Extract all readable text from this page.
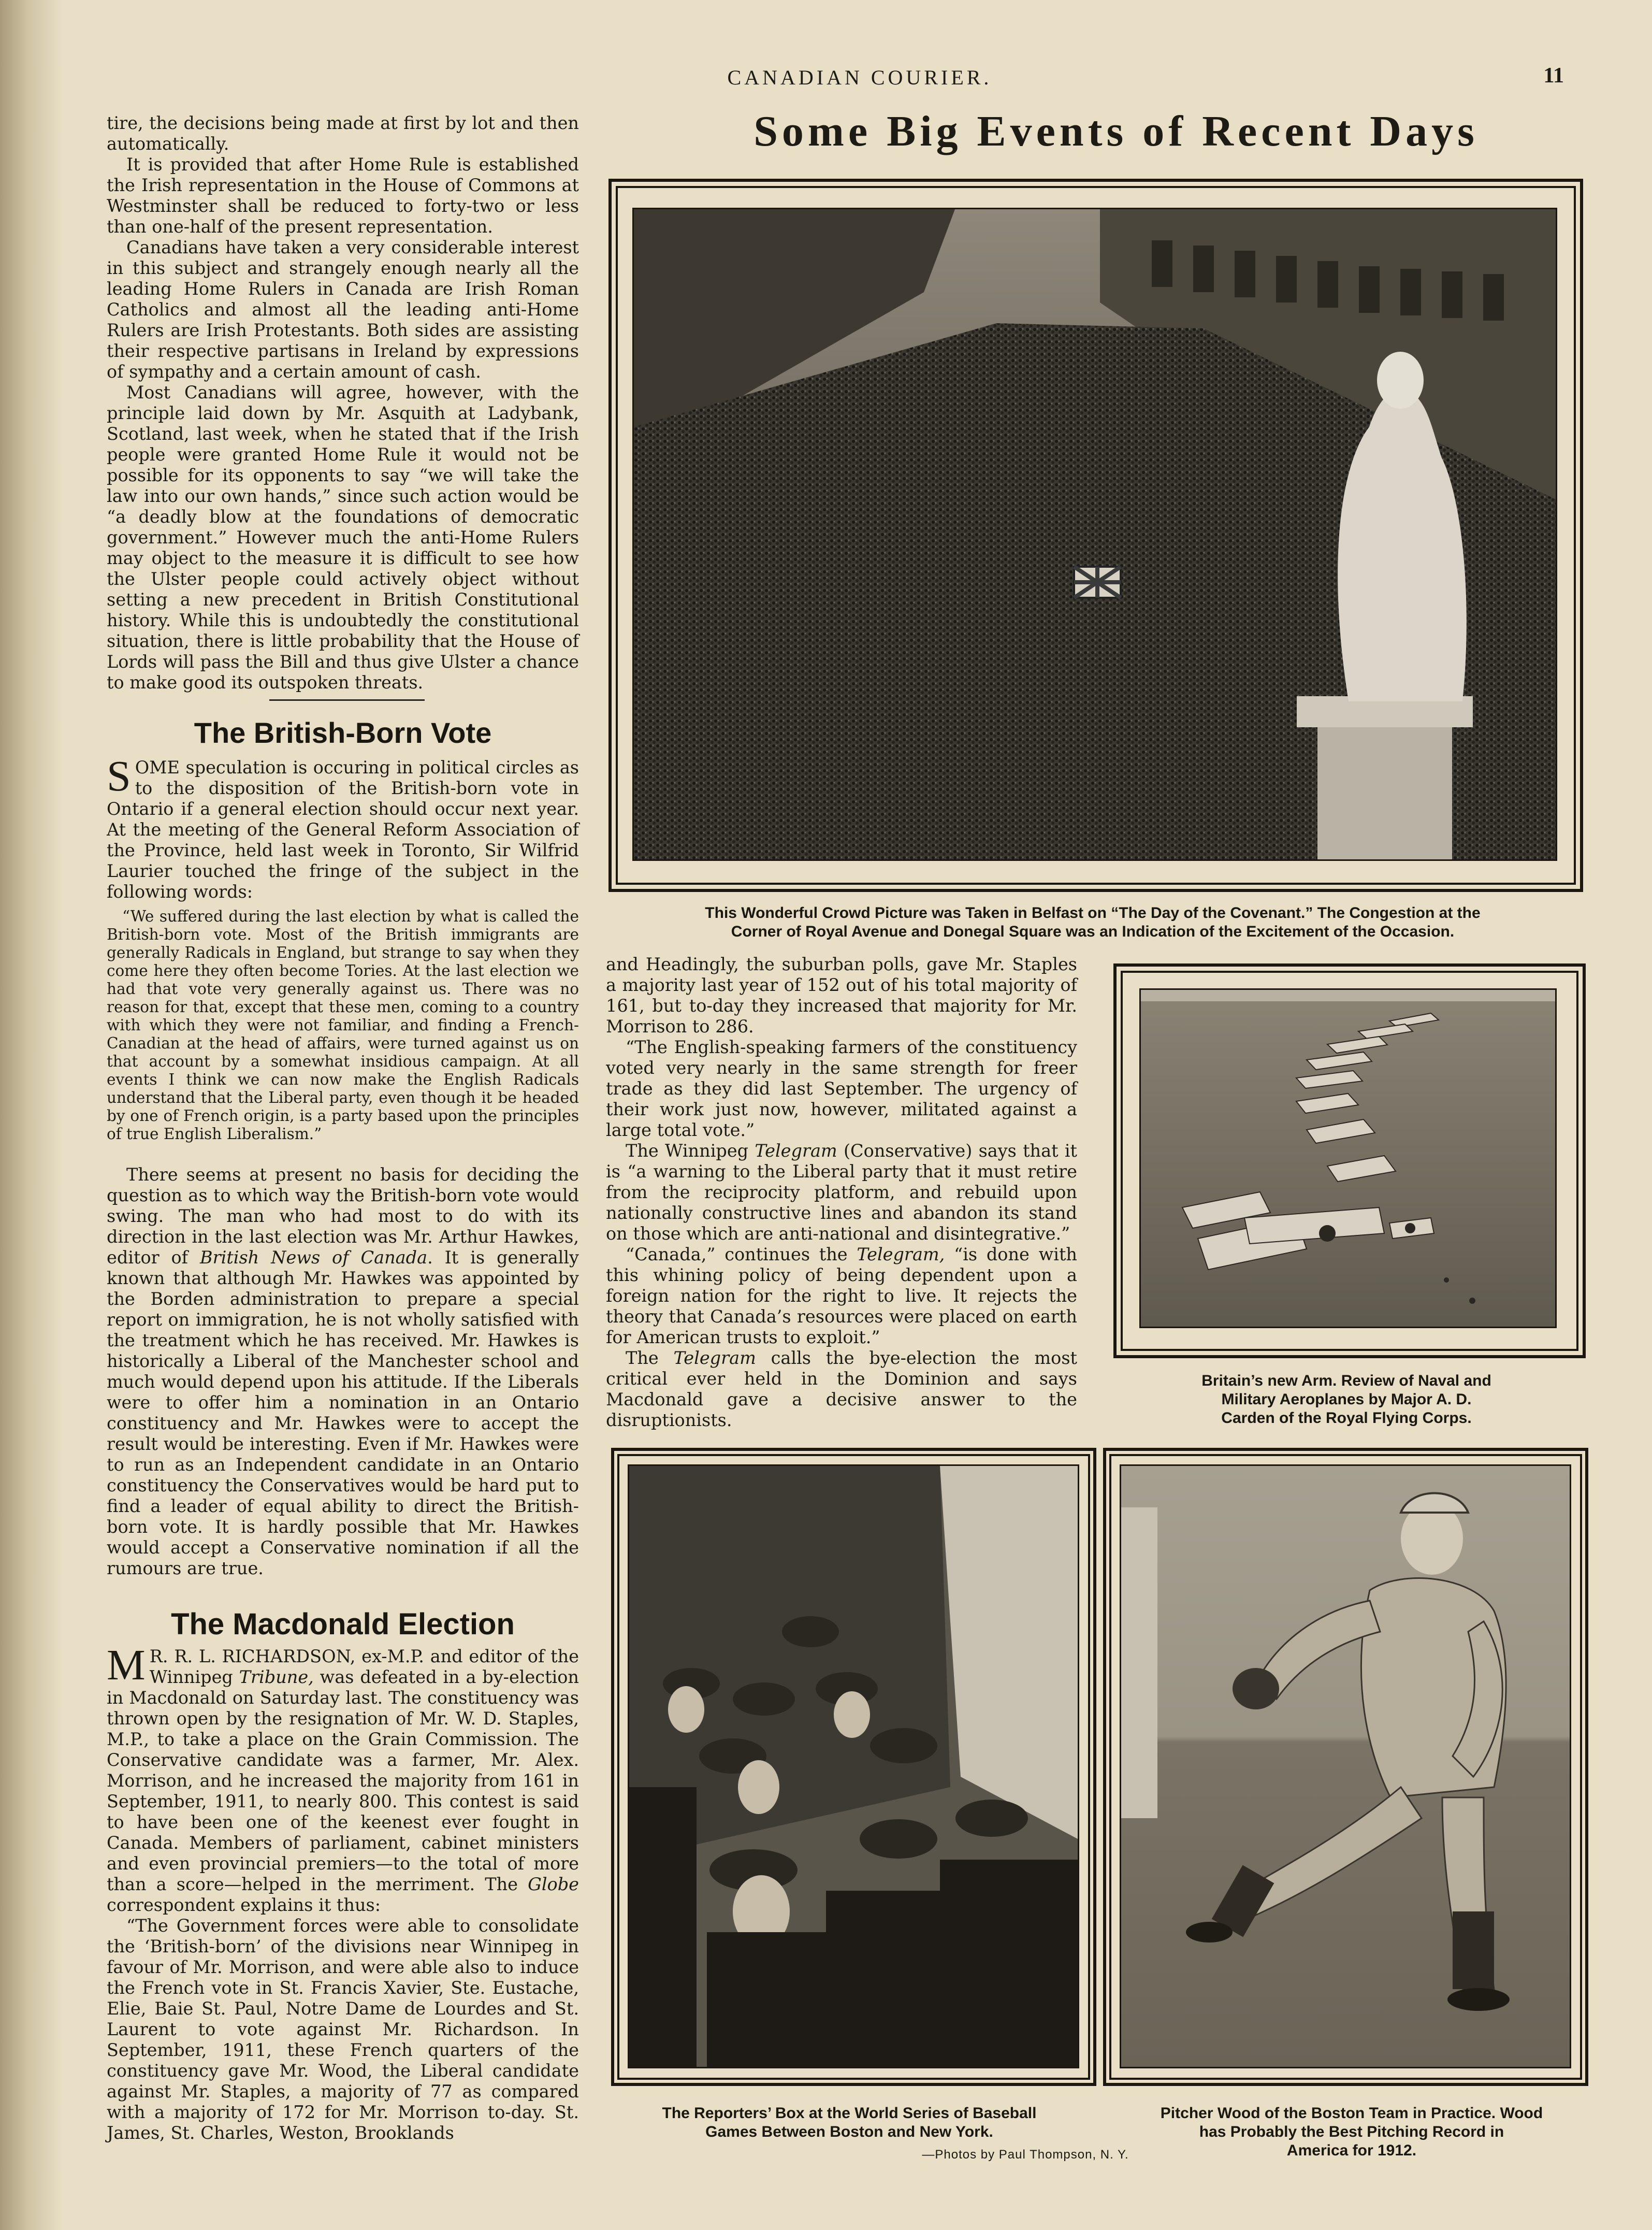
CANADIAN COURIER.	11
Some Big Events of Recent Days

tire, the decisions being made at first by lot and then automatically.

It is provided that after Home Rule is established the Irish representation in the House of Commons at Westminster shall be reduced to forty-two or less than one-half of the present representation.

Canadians have taken a very considerable interest in this subject and strangely enough nearly all the leading Home Rulers in Canada are Irish Roman Catholics and almost all the leading anti-Home Rulers are Irish Protestants. Both sides are assisting their respective partisans in Ireland by expressions of sympathy and a certain amount of cash.

Most Canadians will agree, however, with the principle laid down by Mr. Asquith at Ladybank, Scotland, last week, when he stated that if the Irish people were granted Home Rule it would not be possible for its opponents to say “we will take the law into our own hands,” since such action would be “a deadly blow at the foundations of democratic government.” However much the anti-Home Rulers may object to the measure it is difficult to see how the Ulster people could actively object without setting a new precedent in British Constitutional history. While this is undoubtedly the constitutional situation, there is little probability that the House of Lords will pass the Bill and thus give Ulster a chance to make good its outspoken threats.

The British-Born Vote

SOME speculation is occuring in political circles as to the disposition of the British-born vote in Ontario if a general election should occur next year. At the meeting of the General Reform Association of the Province, held last week in Toronto, Sir Wilfrid Laurier touched the fringe of the subject in the following words:

“We suffered during the last election by what is called the British-born vote. Most of the British immigrants are generally Radicals in England, but strange to say when they come here they often become Tories. At the last election we had that vote very generally against us. There was no reason for that, except that these men, coming to a country with which they were not familiar, and finding a French-Canadian at the head of affairs, were turned against us on that account by a somewhat insidious campaign. At all events I think we can now make the English Radicals understand that the Liberal party, even though it be headed by one of French origin, is a party based upon the principles of true English Liberalism.”

There seems at present no basis for deciding the question as to which way the British-born vote would swing. The man who had most to do with its direction in the last election was Mr. Arthur Hawkes, editor of British News of Canada. It is generally known that although Mr. Hawkes was appointed by the Borden administration to prepare a special report on immigration, he is not wholly satisfied with the treatment which he has received. Mr. Hawkes is historically a Liberal of the Manchester school and much would depend upon his attitude. If the Liberals were to offer him a nomination in an Ontario constituency and Mr. Hawkes were to accept the result would be interesting. Even if Mr. Hawkes were to run as an Independent candidate in an Ontario constituency the Conservatives would be hard put to find a leader of equal ability to direct the British-born vote. It is hardly possible that Mr. Hawkes would accept a Conservative nomination if all the rumours are true.

The Macdonald Election

M R. R. L. RICHARDSON, ex-M.P. and editor of the Winnipeg Tribune, was defeated in a by-election in Macdonald on Saturday last. The constituency was thrown open by the resignation of Mr. W. D. Staples, M.P., to take a place on the Grain Commission. The Conservative candidate was a farmer, Mr. Alex. Morrison, and he increased the majority from 161 in September, 1911, to nearly 800. This contest is said to have been one of the keenest ever fought in Canada. Members of parliament, cabinet ministers and even provincial premiers—to the total of more than a score—helped in the merriment. The Globe correspondent explains it thus:

“The Government forces were able to consolidate the ‘British-born’ of the divisions near Winnipeg in favour of Mr. Morrison, and were able also to induce the French vote in St. Francis Xavier, Ste. Eustache, Elie, Baie St. Paul, Notre Dame de Lourdes and St. Laurent to vote against Mr. Richardson. In September, 1911, these French quarters of the constituency gave Mr. Wood, the Liberal candidate against Mr. Staples, a majority of 77 as compared with a majority of 172 for Mr. Morrison to-day. St. James, St. Charles, Weston, Brooklands

This Wonderful Crowd Picture was Taken in Belfast on “The Day of the Covenant.” The Congestion at the
Corner of Royal Avenue and Donegal Square was an Indication of the Excitement of the Occasion.

and Headingly, the suburban polls, gave Mr. Staples a majority last year of 152 out of his total majority of 161, but to-day they increased that majority for Mr. Morrison to 286.

“The English-speaking farmers of the constituency voted very nearly in the same strength for freer trade as they did last September. The urgency of their work just now, however, militated against a large total vote.”

The Winnipeg Telegram (Conservative) says that it is “a warning to the Liberal party that it must retire from the reciprocity platform, and rebuild upon nationally constructive lines and abandon its stand on those which are anti-national and disintegrative.”

“Canada,” continues the Telegram, “is done with this whining policy of being dependent upon a foreign nation for the right to live. It rejects the theory that Canada’s resources were placed on earth for American trusts to exploit.”

The Telegram calls the bye-election the most critical ever held in the Dominion and says Macdonald gave a decisive answer to the disruptionists.

Britain’s new Arm. Review of Naval and
Military Aeroplanes by Major A. D.
Carden of the Royal Flying Corps.
The Reporters’ Box at the World Series of Baseball
Games Between Boston and New York.
Pitcher Wood of the Boston Team in Practice. Wood
has Probably the Best Pitching Record in
America for 1912.
—Photos by Paul Thompson, N. Y.
